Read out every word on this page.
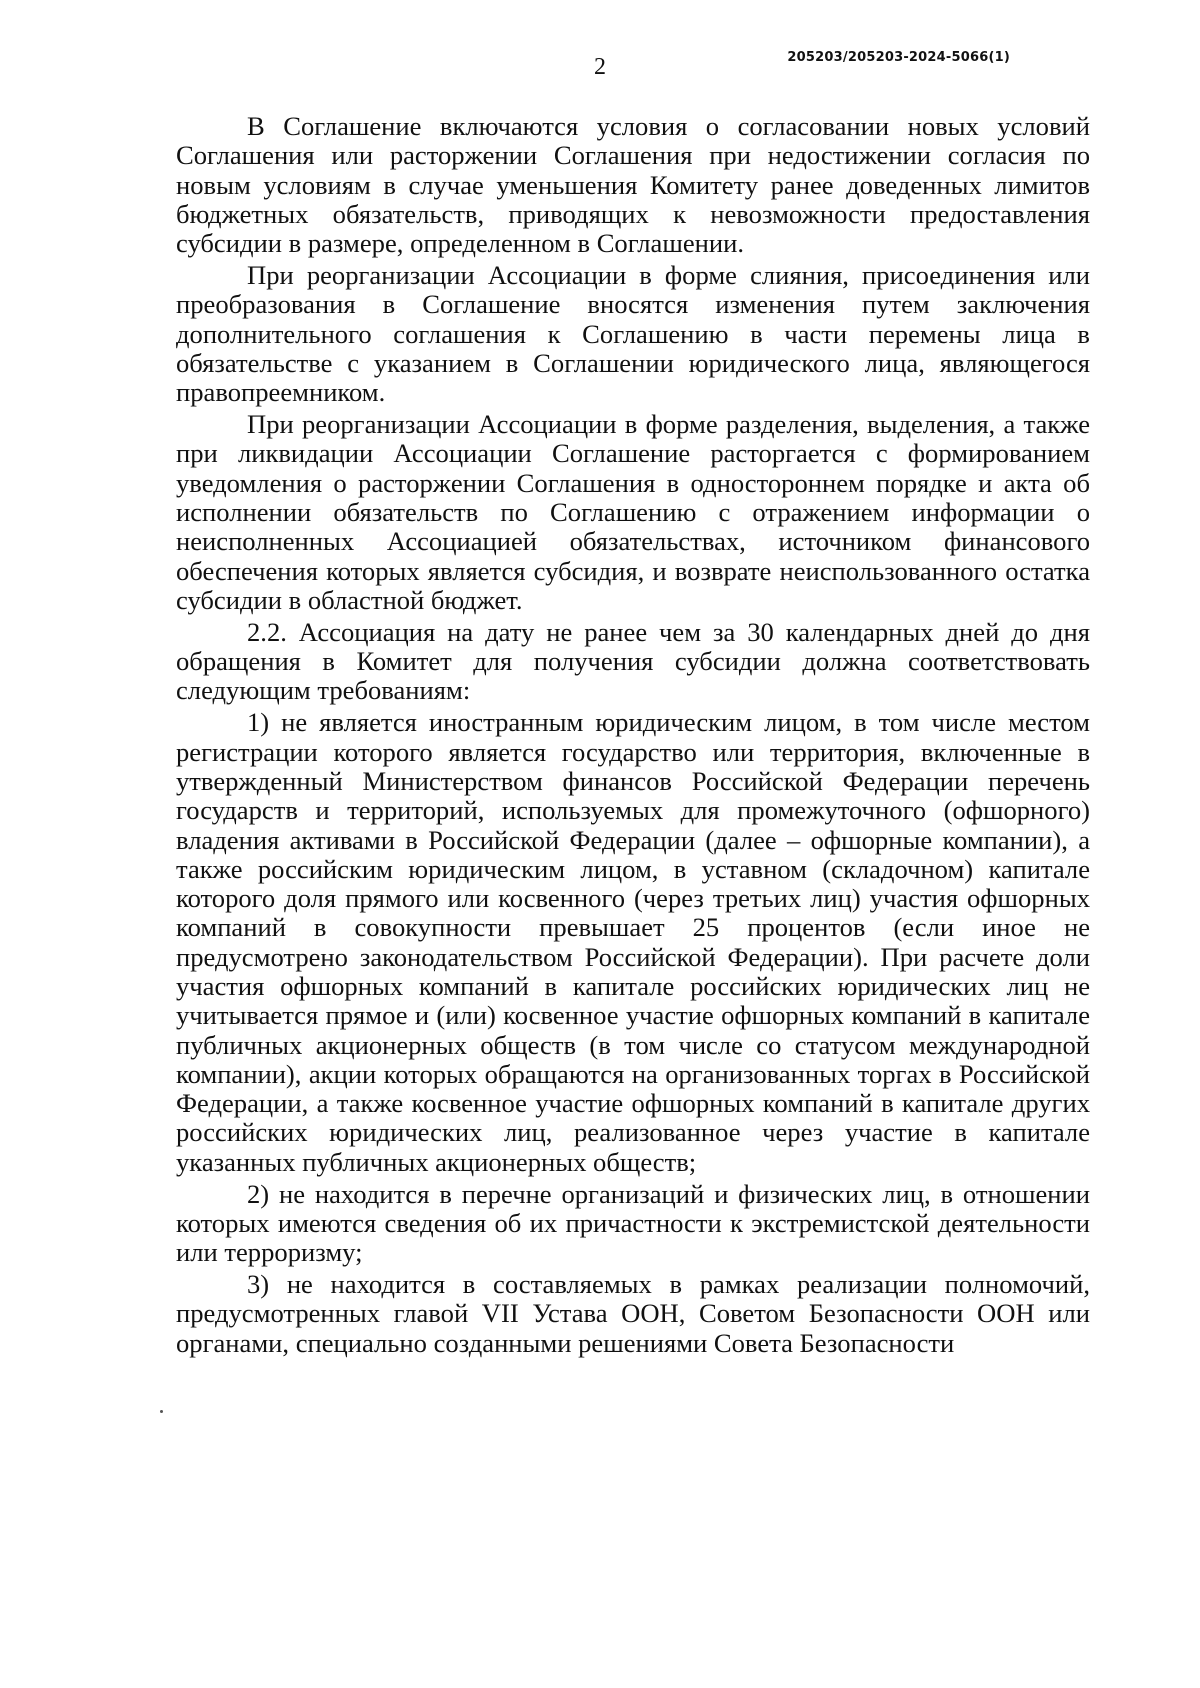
205203/205203-2024-5066(1)
2

В Соглашение включаются условия о согласовании новых условий Соглашения или расторжении Соглашения при недостижении согласия по новым условиям в случае уменьшения Комитету ранее доведенных лимитов бюджетных обязательств, приводящих к невозможности предоставления субсидии в размере, определенном в Соглашении.

При реорганизации Ассоциации в форме слияния, присоединения или преобразования в Соглашение вносятся изменения путем заключения дополнительного соглашения к Соглашению в части перемены лица в обязательстве с указанием в Соглашении юридического лица, являющегося правопреемником.

При реорганизации Ассоциации в форме разделения, выделения, а также при ликвидации Ассоциации Соглашение расторгается с формированием уведомления о расторжении Соглашения в одностороннем порядке и акта об исполнении обязательств по Соглашению с отражением информации о неисполненных Ассоциацией обязательствах, источником финансового обеспечения которых является субсидия, и возврате неиспользованного остатка субсидии в областной бюджет.

2.2. Ассоциация на дату не ранее чем за 30 календарных дней до дня обращения в Комитет для получения субсидии должна соответствовать следующим требованиям:

1) не является иностранным юридическим лицом, в том числе местом регистрации которого является государство или территория, включенные в утвержденный Министерством финансов Российской Федерации перечень государств и территорий, используемых для промежуточного (офшорного) владения активами в Российской Федерации (далее – офшорные компании), а также российским юридическим лицом, в уставном (складочном) капитале которого доля прямого или косвенного (через третьих лиц) участия офшорных компаний в совокупности превышает 25 процентов (если иное не предусмотрено законодательством Российской Федерации). При расчете доли участия офшорных компаний в капитале российских юридических лиц не учитывается прямое и (или) косвенное участие офшорных компаний в капитале публичных акционерных обществ (в том числе со статусом международной компании), акции которых обращаются на организованных торгах в Российской Федерации, а также косвенное участие офшорных компаний в капитале других российских юридических лиц, реализованное через участие в капитале указанных публичных акционерных обществ;

2) не находится в перечне организаций и физических лиц, в отношении которых имеются сведения об их причастности к экстремистской деятельности или терроризму;

3) не находится в составляемых в рамках реализации полномочий, предусмотренных главой VII Устава ООН, Советом Безопасности ООН или органами, специально созданными решениями Совета Безопасности
